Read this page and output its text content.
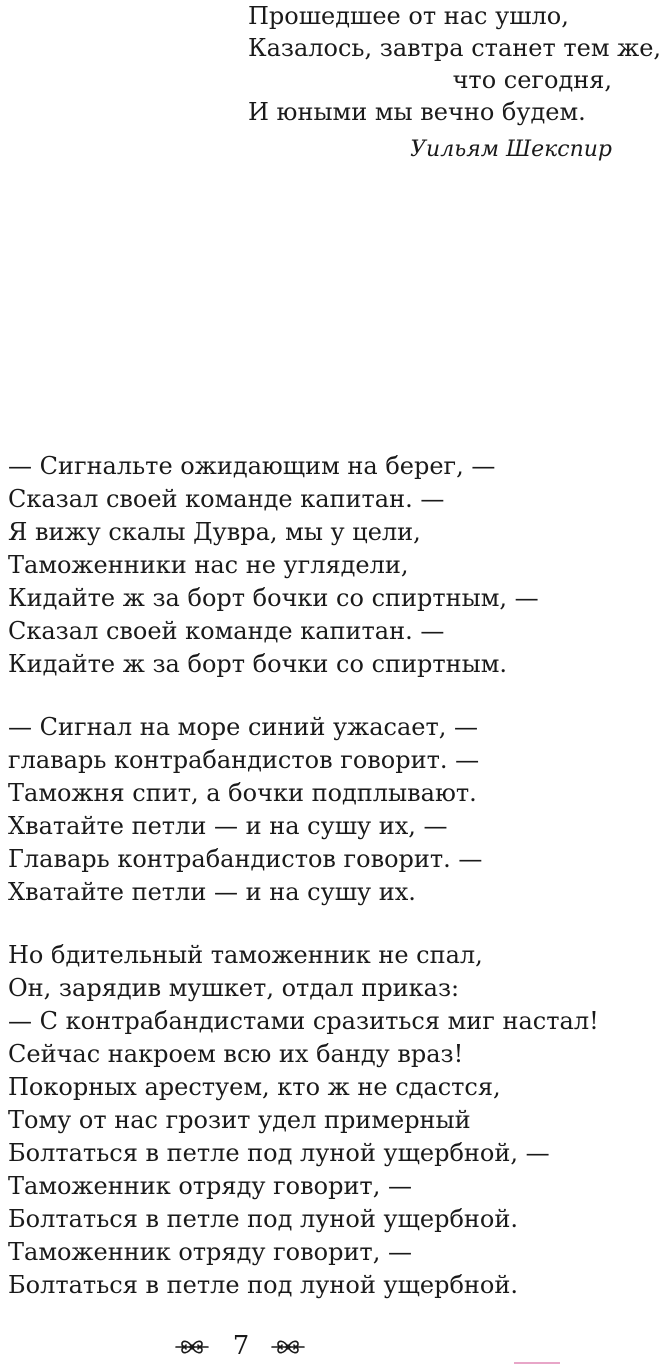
Прошедшее от нас ушло,
Казалось, завтра станет тем же,
что сегодня,
И юными мы вечно будем.
Уильям Шекспир
— Сигнальте ожидающим на берег, —
Сказал своей команде капитан. —
Я вижу скалы Дувра, мы у цели,
Таможенники нас не углядели,
Кидайте ж за борт бочки со спиртным, —
Сказал своей команде капитан. —
Кидайте ж за борт бочки со спиртным.
— Сигнал на море синий ужасает, —
главарь контрабандистов говорит. —
Таможня спит, а бочки подплывают.
Хватайте петли — и на сушу их, —
Главарь контрабандистов говорит. —
Хватайте петли — и на сушу их.
Но бдительный таможенник не спал,
Он, зарядив мушкет, отдал приказ:
— С контрабандистами сразиться миг настал!
Сейчас накроем всю их банду враз!
Покорных арестуем, кто ж не сдастся,
Тому от нас грозит удел примерный
Болтаться в петле под луной ущербной, —
Таможенник отряду говорит, —
Болтаться в петле под луной ущербной.
Таможенник отряду говорит, —
Болтаться в петле под луной ущербной.
7
